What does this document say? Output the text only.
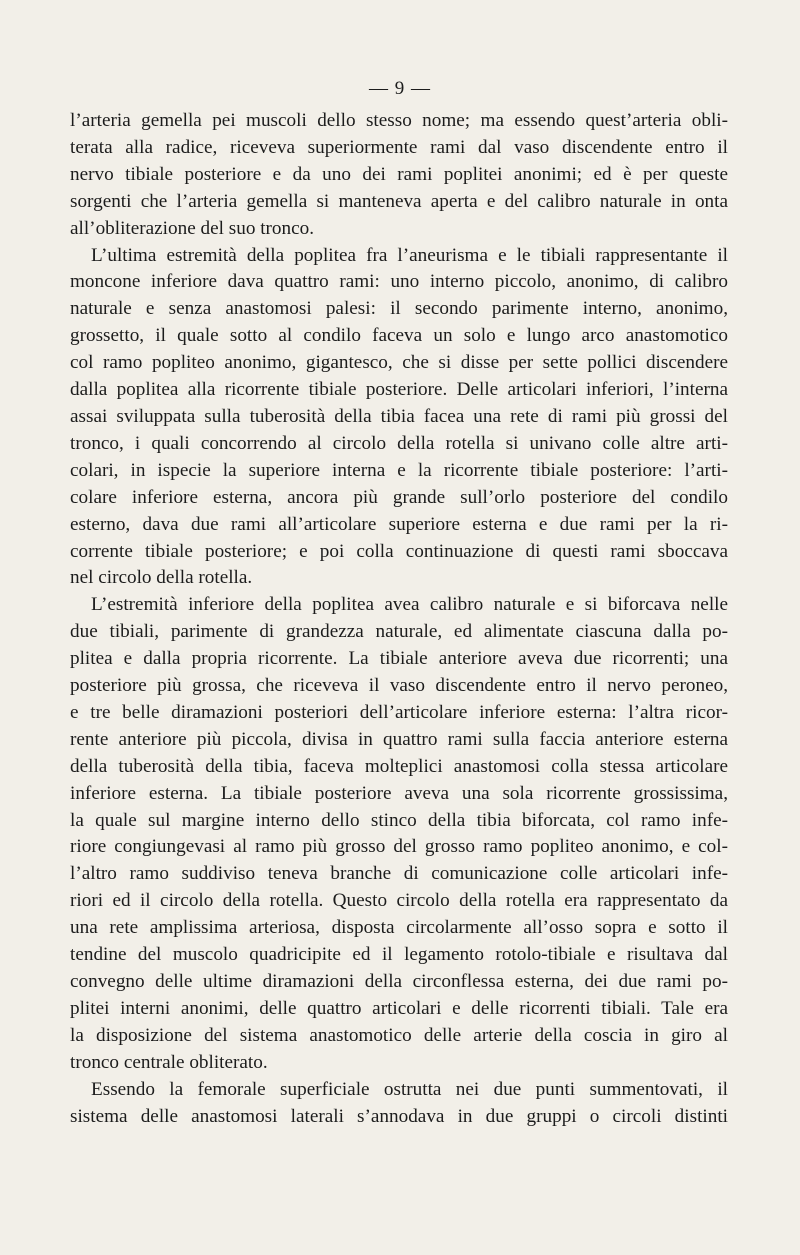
— 9 —
l’arteria gemella pei muscoli dello stesso nome; ma essendo quest’arteria obli-
terata alla radice, riceveva superiormente rami dal vaso discendente entro il
nervo tibiale posteriore e da uno dei rami poplitei anonimi; ed è per queste
sorgenti che l’arteria gemella si manteneva aperta e del calibro naturale in onta
all’obliterazione del suo tronco.
L’ultima estremità della poplitea fra l’aneurisma e le tibiali rappresentante il
moncone inferiore dava quattro rami: uno interno piccolo, anonimo, di calibro
naturale e senza anastomosi palesi: il secondo parimente interno, anonimo,
grossetto, il quale sotto al condilo faceva un solo e lungo arco anastomotico
col ramo popliteo anonimo, gigantesco, che si disse per sette pollici discendere
dalla poplitea alla ricorrente tibiale posteriore. Delle articolari inferiori, l’interna
assai sviluppata sulla tuberosità della tibia facea una rete di rami più grossi del
tronco, i quali concorrendo al circolo della rotella si univano colle altre arti-
colari, in ispecie la superiore interna e la ricorrente tibiale posteriore: l’arti-
colare inferiore esterna, ancora più grande sull’orlo posteriore del condilo
esterno, dava due rami all’articolare superiore esterna e due rami per la ri-
corrente tibiale posteriore; e poi colla continuazione di questi rami sboccava
nel circolo della rotella.
L’estremità inferiore della poplitea avea calibro naturale e si biforcava nelle
due tibiali, parimente di grandezza naturale, ed alimentate ciascuna dalla po-
plitea e dalla propria ricorrente. La tibiale anteriore aveva due ricorrenti; una
posteriore più grossa, che riceveva il vaso discendente entro il nervo peroneo,
e tre belle diramazioni posteriori dell’articolare inferiore esterna: l’altra ricor-
rente anteriore più piccola, divisa in quattro rami sulla faccia anteriore esterna
della tuberosità della tibia, faceva molteplici anastomosi colla stessa articolare
inferiore esterna. La tibiale posteriore aveva una sola ricorrente grossissima,
la quale sul margine interno dello stinco della tibia biforcata, col ramo infe-
riore congiungevasi al ramo più grosso del grosso ramo popliteo anonimo, e col-
l’altro ramo suddiviso teneva branche di comunicazione colle articolari infe-
riori ed il circolo della rotella. Questo circolo della rotella era rappresentato da
una rete amplissima arteriosa, disposta circolarmente all’osso sopra e sotto il
tendine del muscolo quadricipite ed il legamento rotolo-tibiale e risultava dal
convegno delle ultime diramazioni della circonflessa esterna, dei due rami po-
plitei interni anonimi, delle quattro articolari e delle ricorrenti tibiali. Tale era
la disposizione del sistema anastomotico delle arterie della coscia in giro al
tronco centrale obliterato.
Essendo la femorale superficiale ostrutta nei due punti summentovati, il
sistema delle anastomosi laterali s’annodava in due gruppi o circoli distinti
